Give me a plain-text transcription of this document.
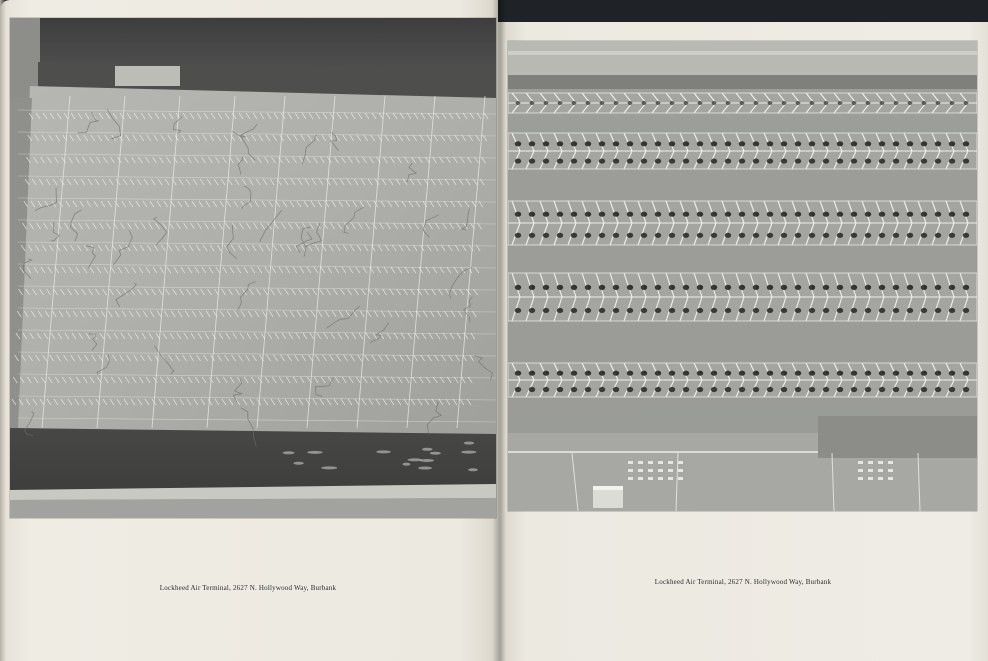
Lockheed Air Terminal, 2627 N. Hollywood Way, Burbank
Lockheed Air Terminal, 2627 N. Hollywood Way, Burbank
